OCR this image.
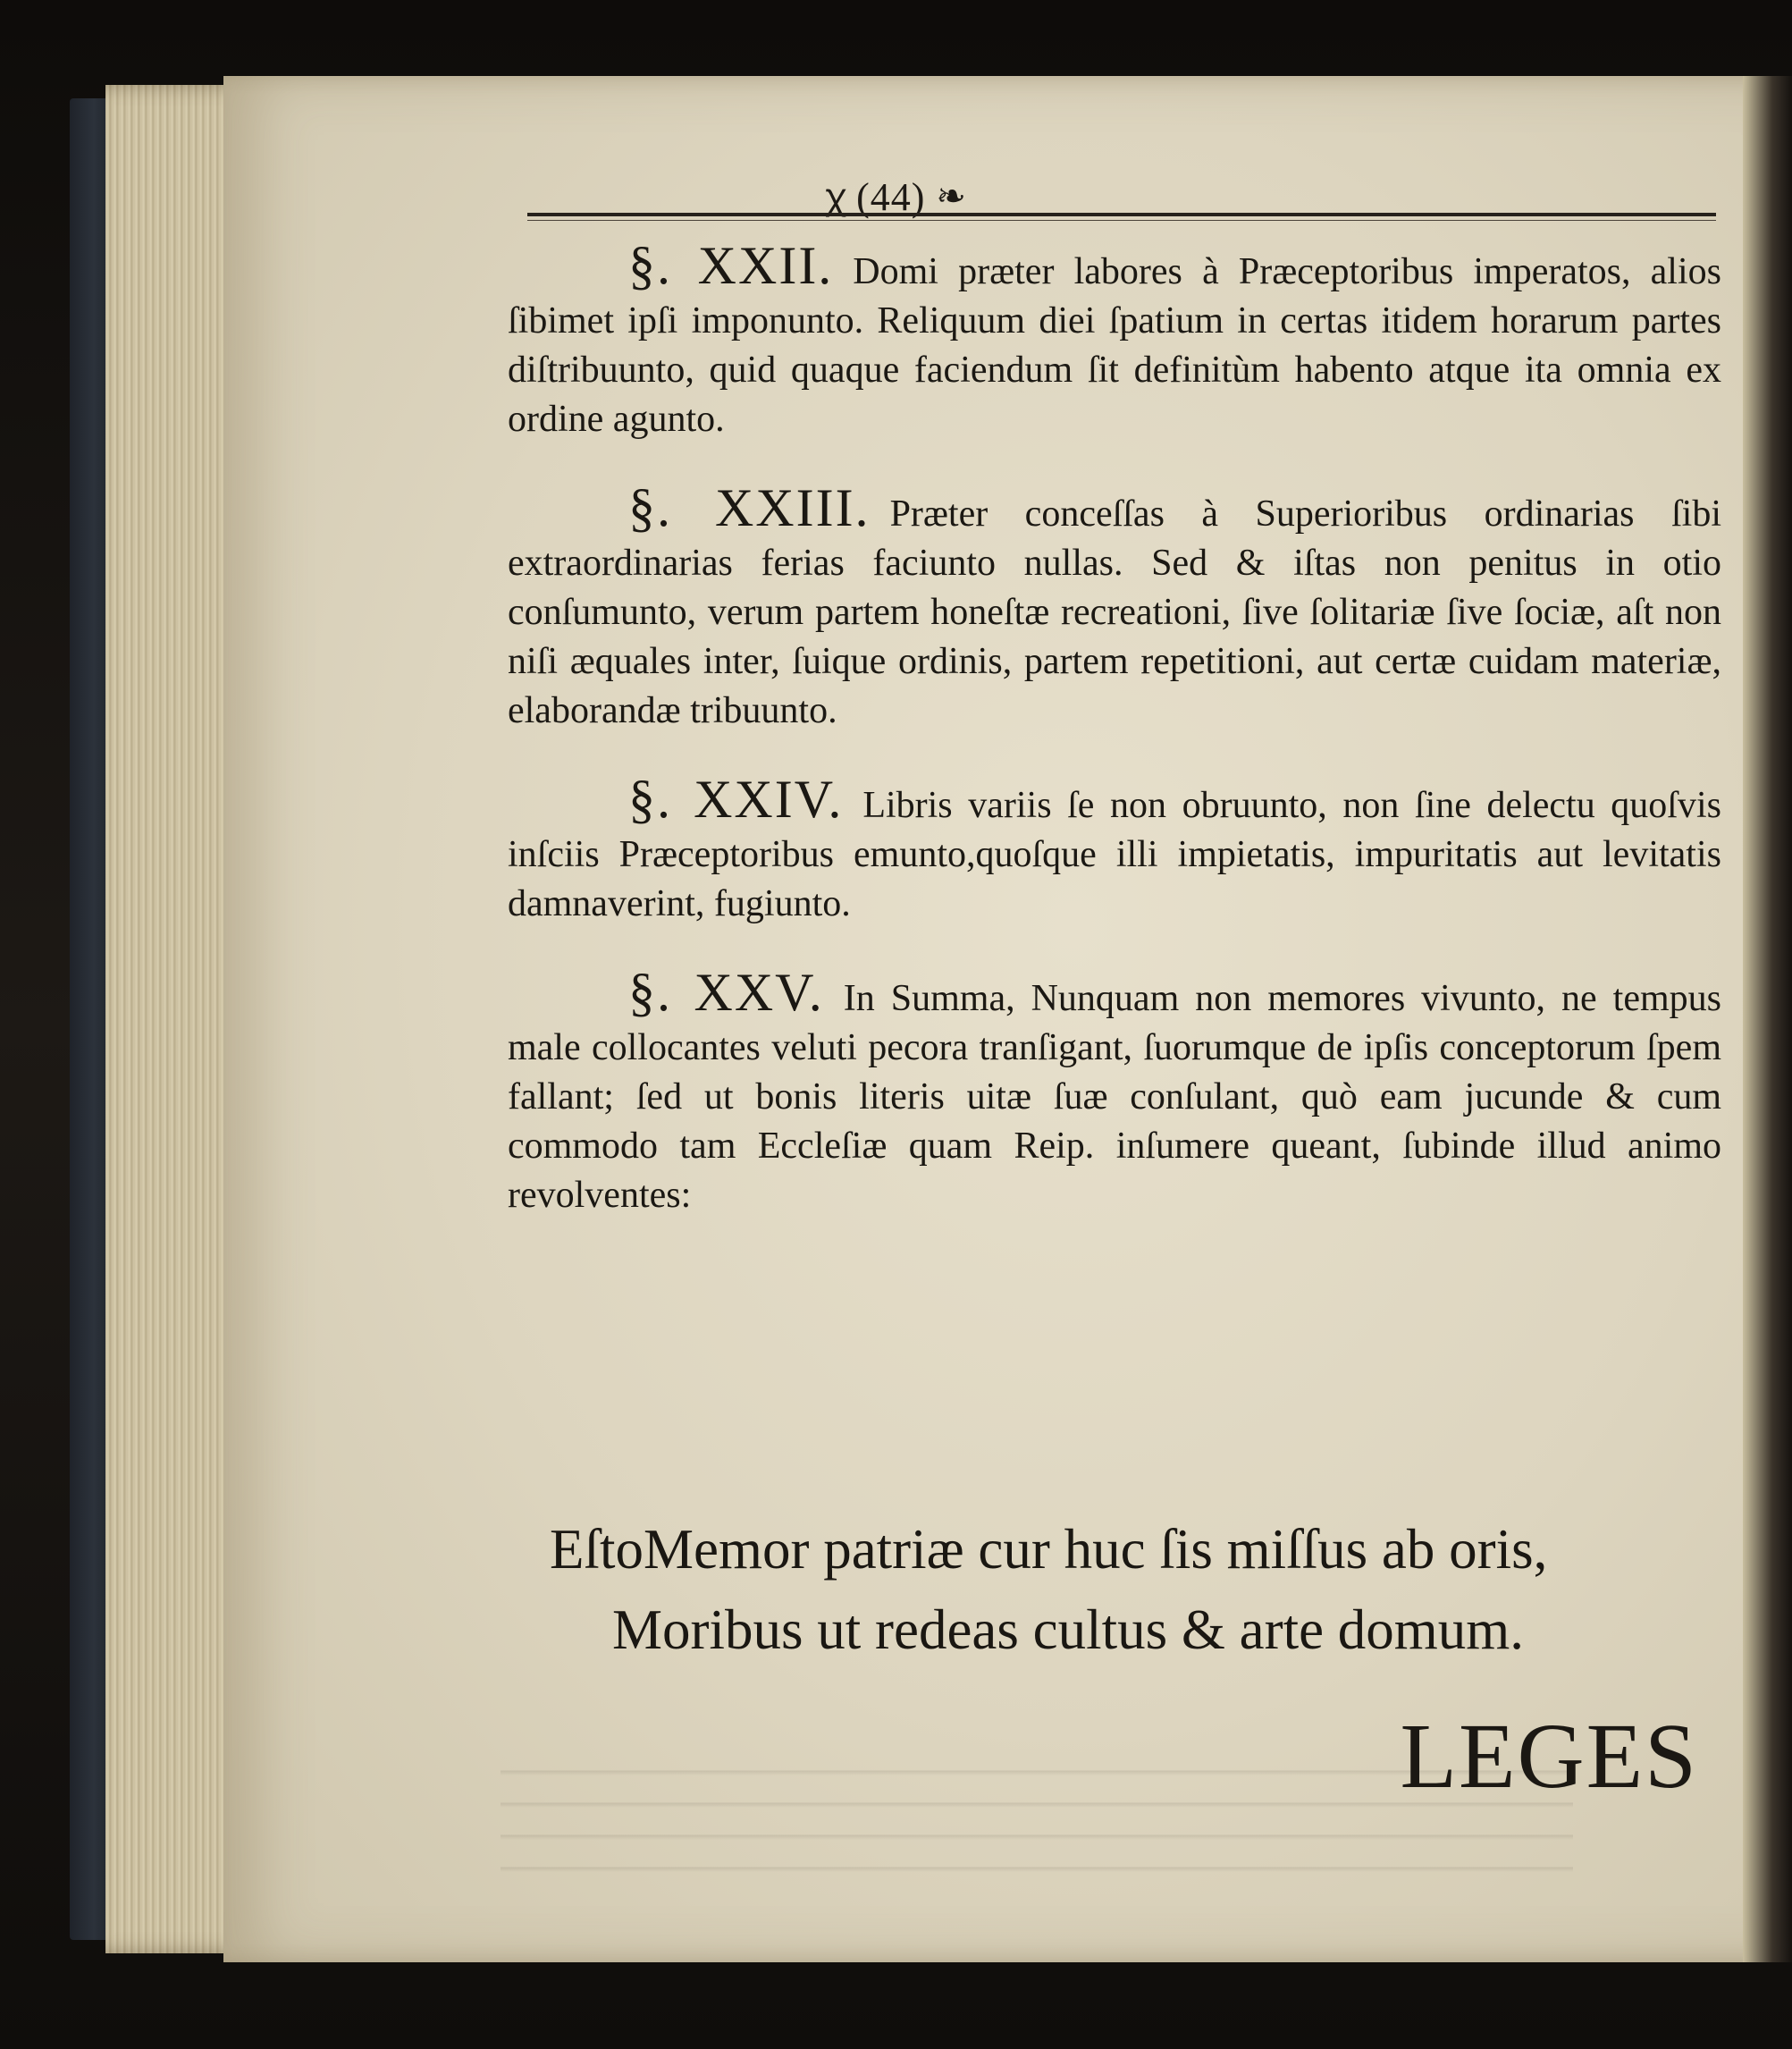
ꭓ (44) ❧

§. XXII. Domi præter labores à Præceptoribus imperatos, alios ſibimet ipſi imponunto. Reliquum diei ſpatium in certas itidem horarum partes diſtribuunto, quid quaque faciendum ſit definitùm habento atque ita omnia ex ordine agunto.

§. XXIII. Præter conceſſas à Superioribus ordinarias ſibi extraordinarias ferias faciunto nullas. Sed & iſtas non penitus in otio conſumunto, verum partem honeſtæ recreationi, ſive ſolitariæ ſive ſociæ, aſt non niſi æquales inter, ſuique ordinis, partem repetitioni, aut certæ cuidam materiæ, elaborandæ tribuunto.

§. XXIV. Libris variis ſe non obruunto, non ſine delectu quoſvis inſciis Præceptoribus emunto,quoſque illi impietatis, impuritatis aut levitatis damnaverint, fugiunto.

§. XXV. In Summa, Nunquam non memores vivunto, ne tempus male collocantes veluti pecora tranſigant, ſuorumque de ipſis conceptorum ſpem fallant; ſed ut bonis literis uitæ ſuæ conſulant, quò eam jucunde & cum commodo tam Eccleſiæ quam Reip. inſumere queant, ſubinde illud animo revolventes:

EſtoMemor patriæ cur huc ſis miſſus ab oris,
Moribus ut redeas cultus & arte domum.
LEGES
